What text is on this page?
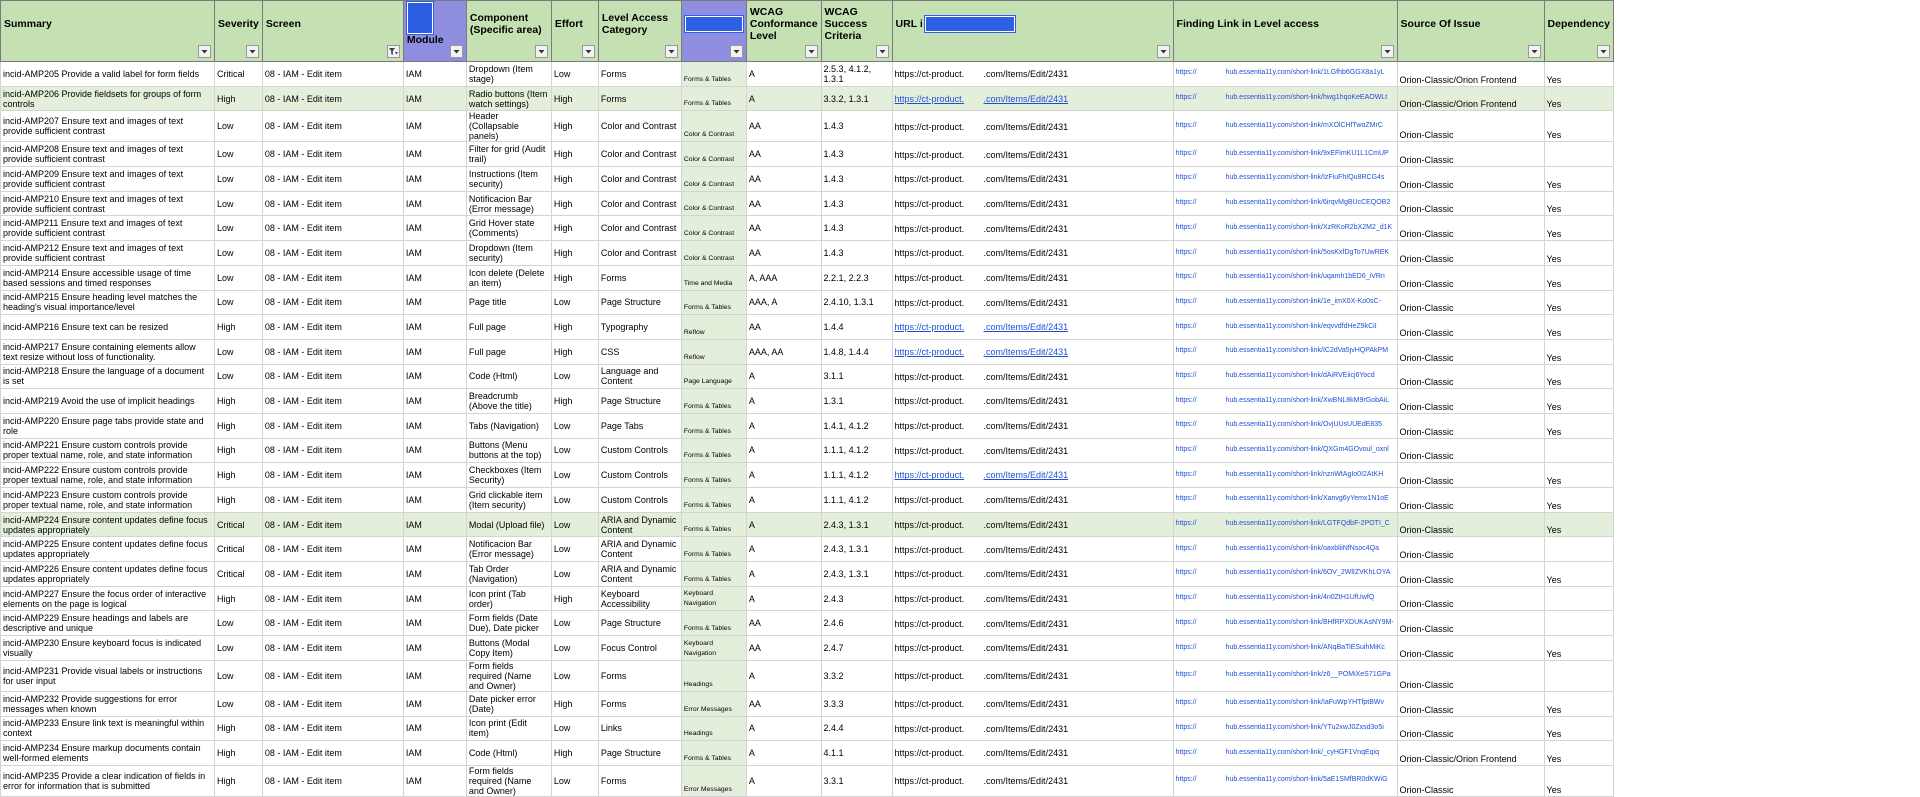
Summary	Severity	Screen	Module	Component (Specific area)	Effort	Level Access Category		WCAG Conformance Level	WCAG Success Criteria	URL i	Finding Link in Level access	Source Of Issue	Dependency

incid-AMP205 Provide a valid label for form fields	Critical	08 - IAM - Edit item	IAM	Dropdown (Item stage)	Low	Forms	Forms & Tables	A	2.5.3, 4.1.2, 1.3.1	https://ct-product. .com/Items/Edit/2431	https:// hub.essentia11y.com/short-link/1LGfhb6GGX8a1yL	Orion-Classic/Orion Frontend	Yes
incid-AMP206 Provide fieldsets for groups of form controls	High	08 - IAM - Edit item	IAM	Radio buttons (Item watch settings)	High	Forms	Forms & Tables	A	3.3.2, 1.3.1	https://ct-product. .com/Items/Edit/2431	https:// hub.essentia11y.com/short-link/hwg1hqoKeEAOWLt	Orion-Classic/Orion Frontend	Yes
incid-AMP207 Ensure text and images of text provide sufficient contrast	Low	08 - IAM - Edit item	IAM	Header (Collapsable panels)	High	Color and Contrast	Color & Contrast	AA	1.4.3	https://ct-product. .com/Items/Edit/2431	https:// hub.essentia11y.com/short-link/mXOlCHfTwoZMrC	Orion-Classic	Yes
incid-AMP208 Ensure text and images of text provide sufficient contrast	Low	08 - IAM - Edit item	IAM	Filter for grid (Audit trail)	High	Color and Contrast	Color & Contrast	AA	1.4.3	https://ct-product. .com/Items/Edit/2431	https:// hub.essentia11y.com/short-link/9xEFimKU1L1CmUP	Orion-Classic	
incid-AMP209 Ensure text and images of text provide sufficient contrast	Low	08 - IAM - Edit item	IAM	Instructions (Item security)	High	Color and Contrast	Color & Contrast	AA	1.4.3	https://ct-product. .com/Items/Edit/2431	https:// hub.essentia11y.com/short-link/IzFiuFhIQu8RCG4s	Orion-Classic	Yes
incid-AMP210 Ensure text and images of text provide sufficient contrast	Low	08 - IAM - Edit item	IAM	Notificacion Bar (Error message)	High	Color and Contrast	Color & Contrast	AA	1.4.3	https://ct-product. .com/Items/Edit/2431	https:// hub.essentia11y.com/short-link/6irqvMgBUcCEQOB2	Orion-Classic	Yes
incid-AMP211 Ensure text and images of text provide sufficient contrast	Low	08 - IAM - Edit item	IAM	Grid Hover state (Comments)	High	Color and Contrast	Color & Contrast	AA	1.4.3	https://ct-product. .com/Items/Edit/2431	https:// hub.essentia11y.com/short-link/XzRKoR2bX2M2_d1K	Orion-Classic	Yes
incid-AMP212 Ensure text and images of text provide sufficient contrast	Low	08 - IAM - Edit item	IAM	Dropdown (Item security)	High	Color and Contrast	Color & Contrast	AA	1.4.3	https://ct-product. .com/Items/Edit/2431	https:// hub.essentia11y.com/short-link/5osKxfDgTo7UwREK	Orion-Classic	Yes
incid-AMP214 Ensure accessible usage of time based sessions and timed responses	Low	08 - IAM - Edit item	IAM	Icon delete (Delete an item)	High	Forms	Time and Media	A, AAA	2.2.1, 2.2.3	https://ct-product. .com/Items/Edit/2431	https:// hub.essentia11y.com/short-link/uqamh1bED6_iVRn	Orion-Classic	Yes
incid-AMP215 Ensure heading level matches the heading's visual importance/level	Low	08 - IAM - Edit item	IAM	Page title	Low	Page Structure	Forms & Tables	AAA, A	2.4.10, 1.3.1	https://ct-product. .com/Items/Edit/2431	https:// hub.essentia11y.com/short-link/1e_imX0X-Ko0sC-	Orion-Classic	Yes
incid-AMP216 Ensure text can be resized	High	08 - IAM - Edit item	IAM	Full page	High	Typography	Reflow	AA	1.4.4	https://ct-product. .com/Items/Edit/2431	https:// hub.essentia11y.com/short-link/eqvvdfdHeZ9kCiI	Orion-Classic	Yes
incid-AMP217 Ensure containing elements allow text resize without loss of functionality.	Low	08 - IAM - Edit item	IAM	Full page	High	CSS	Reflow	AAA, AA	1.4.8, 1.4.4	https://ct-product. .com/Items/Edit/2431	https:// hub.essentia11y.com/short-link/IC2dVa5jvHQPAkPM	Orion-Classic	Yes
incid-AMP218 Ensure the language of a document is set	Low	08 - IAM - Edit item	IAM	Code (Html)	Low	Language and Content	Page Language	A	3.1.1	https://ct-product. .com/Items/Edit/2431	https:// hub.essentia11y.com/short-link/dAiRVEiicj6Yocd	Orion-Classic	Yes
incid-AMP219 Avoid the use of implicit headings	High	08 - IAM - Edit item	IAM	Breadcrumb (Above the title)	High	Page Structure	Forms & Tables	A	1.3.1	https://ct-product. .com/Items/Edit/2431	https:// hub.essentia11y.com/short-link/XwBNL8kM9rGobAiL	Orion-Classic	Yes
incid-AMP220 Ensure page tabs provide state and role	High	08 - IAM - Edit item	IAM	Tabs (Navigation)	Low	Page Tabs	Forms & Tables	A	1.4.1, 4.1.2	https://ct-product. .com/Items/Edit/2431	https:// hub.essentia11y.com/short-link/OvjUUsUUEdE835	Orion-Classic	Yes
incid-AMP221 Ensure custom controls provide proper textual name, role, and state information	High	08 - IAM - Edit item	IAM	Buttons (Menu buttons at the top)	Low	Custom Controls	Forms & Tables	A	1.1.1, 4.1.2	https://ct-product. .com/Items/Edit/2431	https:// hub.essentia11y.com/short-link/QXGm4GOvoul_oxnl	Orion-Classic	
incid-AMP222 Ensure custom controls provide proper textual name, role, and state information	High	08 - IAM - Edit item	IAM	Checkboxes (Item Security)	Low	Custom Controls	Forms & Tables	A	1.1.1, 4.1.2	https://ct-product. .com/Items/Edit/2431	https:// hub.essentia11y.com/short-link/nznWtAgIo0I2AtKH	Orion-Classic	Yes
incid-AMP223 Ensure custom controls provide proper textual name, role, and state information	High	08 - IAM - Edit item	IAM	Grid clickable item (Item security)	Low	Custom Controls	Forms & Tables	A	1.1.1, 4.1.2	https://ct-product. .com/Items/Edit/2431	https:// hub.essentia11y.com/short-link/Xanvg6yYemx1N1oE	Orion-Classic	Yes
incid-AMP224 Ensure content updates define focus updates appropriately	Critical	08 - IAM - Edit item	IAM	Modal (Upload file)	Low	ARIA and Dynamic Content	Forms & Tables	A	2.4.3, 1.3.1	https://ct-product. .com/Items/Edit/2431	https:// hub.essentia11y.com/short-link/LGTFQdbF-2POTI_C	Orion-Classic	Yes
incid-AMP225 Ensure content updates define focus updates appropriately	Critical	08 - IAM - Edit item	IAM	Notificacion Bar (Error message)	Low	ARIA and Dynamic Content	Forms & Tables	A	2.4.3, 1.3.1	https://ct-product. .com/Items/Edit/2431	https:// hub.essentia11y.com/short-link/oaxbliiNfNsoc4Qa	Orion-Classic	
incid-AMP226 Ensure content updates define focus updates appropriately	Critical	08 - IAM - Edit item	IAM	Tab Order (Navigation)	Low	ARIA and Dynamic Content	Forms & Tables	A	2.4.3, 1.3.1	https://ct-product. .com/Items/Edit/2431	https:// hub.essentia11y.com/short-link/6OV_2WlIZVKhLOYA	Orion-Classic	Yes
incid-AMP227 Ensure the focus order of interactive elements on the page is logical	High	08 - IAM - Edit item	IAM	Icon print (Tab order)	High	Keyboard Accessibility	Keyboard Navigation	A	2.4.3	https://ct-product. .com/Items/Edit/2431	https:// hub.essentia11y.com/short-link/4n0ZtH1UfUwfQ	Orion-Classic	
incid-AMP229 Ensure headings and labels are descriptive and unique	Low	08 - IAM - Edit item	IAM	Form fields (Date Due), Date picker	Low	Page Structure	Forms & Tables	AA	2.4.6	https://ct-product. .com/Items/Edit/2431	https:// hub.essentia11y.com/short-link/BHfRPXDUKAsNY9M-	Orion-Classic	
incid-AMP230 Ensure keyboard focus is indicated visually	Low	08 - IAM - Edit item	IAM	Buttons (Modal Copy Item)	Low	Focus Control	Keyboard Navigation	AA	2.4.7	https://ct-product. .com/Items/Edit/2431	https:// hub.essentia11y.com/short-link/ANqBaTiESuihMiKc	Orion-Classic	Yes
incid-AMP231 Provide visual labels or instructions for user input	Low	08 - IAM - Edit item	IAM	Form fields required (Name and Owner)	Low	Forms	Headings	A	3.3.2	https://ct-product. .com/Items/Edit/2431	https:// hub.essentia11y.com/short-link/z6__POMiXeS71GPa	Orion-Classic	
incid-AMP232 Provide suggestions for error messages when known	Low	08 - IAM - Edit item	IAM	Date picker error (Date)	High	Forms	Error Messages	AA	3.3.3	https://ct-product. .com/Items/Edit/2431	https:// hub.essentia11y.com/short-link/IaFuWpYHTfptBWv	Orion-Classic	Yes
incid-AMP233 Ensure link text is meaningful within context	High	08 - IAM - Edit item	IAM	Icon print (Edit item)	Low	Links	Headings	A	2.4.4	https://ct-product. .com/Items/Edit/2431	https:// hub.essentia11y.com/short-link/YTu2xwJ0Zxsd3o5i	Orion-Classic	Yes
incid-AMP234 Ensure markup documents contain well-formed elements	High	08 - IAM - Edit item	IAM	Code (Html)	High	Page Structure	Forms & Tables	A	4.1.1	https://ct-product. .com/Items/Edit/2431	https:// hub.essentia11y.com/short-link/_cyHGF1VnqEqiq	Orion-Classic/Orion Frontend	Yes
incid-AMP235 Provide a clear indication of fields in error for information that is submitted	High	08 - IAM - Edit item	IAM	Form fields required (Name and Owner)	Low	Forms	Error Messages	A	3.3.1	https://ct-product. .com/Items/Edit/2431	https:// hub.essentia11y.com/short-link/5aE1SMfBR0dKWiG	Orion-Classic	Yes
